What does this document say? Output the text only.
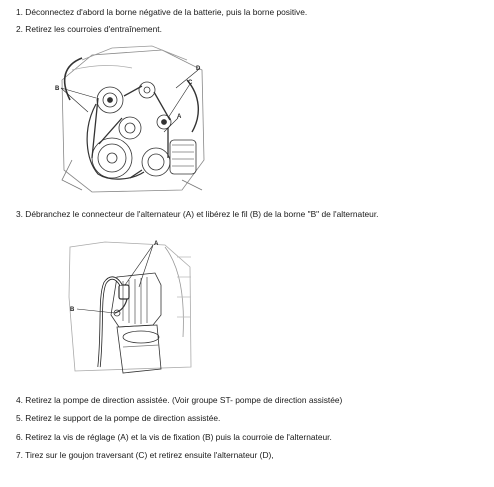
1. Déconnectez d'abord la borne négative de la batterie, puis la borne positive.
2. Retirez les courroies d'entraînement.
B
C
D
A
3. Débranchez le connecteur de l'alternateur (A) et libérez le fil (B) de la borne "B" de l'alternateur.
A
B
4. Retirez la pompe de direction assistée. (Voir groupe ST- pompe de direction assistée)
5. Retirez le support de la pompe de direction assistée.
6. Retirez la vis de réglage (A) et la vis de fixation (B) puis la courroie de l'alternateur.
7. Tirez sur le goujon traversant (C) et retirez ensuite l'alternateur (D),
